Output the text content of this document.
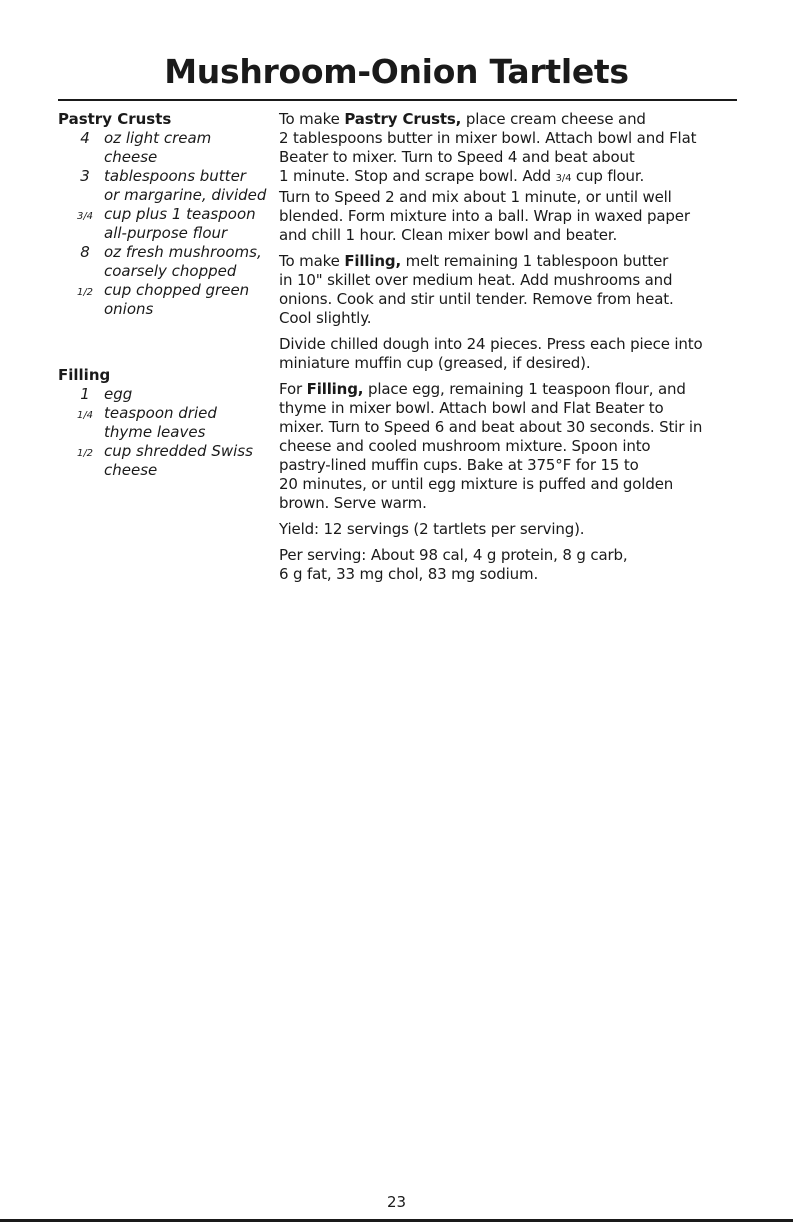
Mushroom-Onion Tartlets
Pastry Crusts
4 oz light cream
cheese
3 tablespoons butter
or margarine, divided
3/4 cup plus 1 teaspoon
all-purpose flour
8 oz fresh mushrooms,
coarsely chopped
1/2 cup chopped green
onions
Filling
1 egg
1/4 teaspoon dried
thyme leaves
1/2 cup shredded Swiss
cheese
To make Pastry Crusts, place cream cheese and
2 tablespoons butter in mixer bowl. Attach bowl and Flat
Beater to mixer. Turn to Speed 4 and beat about
1 minute. Stop and scrape bowl. Add 3/4 cup flour.
Turn to Speed 2 and mix about 1 minute, or until well
blended. Form mixture into a ball. Wrap in waxed paper
and chill 1 hour. Clean mixer bowl and beater.
To make Filling, melt remaining 1 tablespoon butter
in 10" skillet over medium heat. Add mushrooms and
onions. Cook and stir until tender. Remove from heat.
Cool slightly.
Divide chilled dough into 24 pieces. Press each piece into
miniature muffin cup (greased, if desired).
For Filling, place egg, remaining 1 teaspoon flour, and
thyme in mixer bowl. Attach bowl and Flat Beater to
mixer. Turn to Speed 6 and beat about 30 seconds. Stir in
cheese and cooled mushroom mixture. Spoon into
pastry-lined muffin cups. Bake at 375°F for 15 to
20 minutes, or until egg mixture is puffed and golden
brown. Serve warm.
Yield: 12 servings (2 tartlets per serving).
Per serving: About 98 cal, 4 g protein, 8 g carb,
6 g fat, 33 mg chol, 83 mg sodium.
23
